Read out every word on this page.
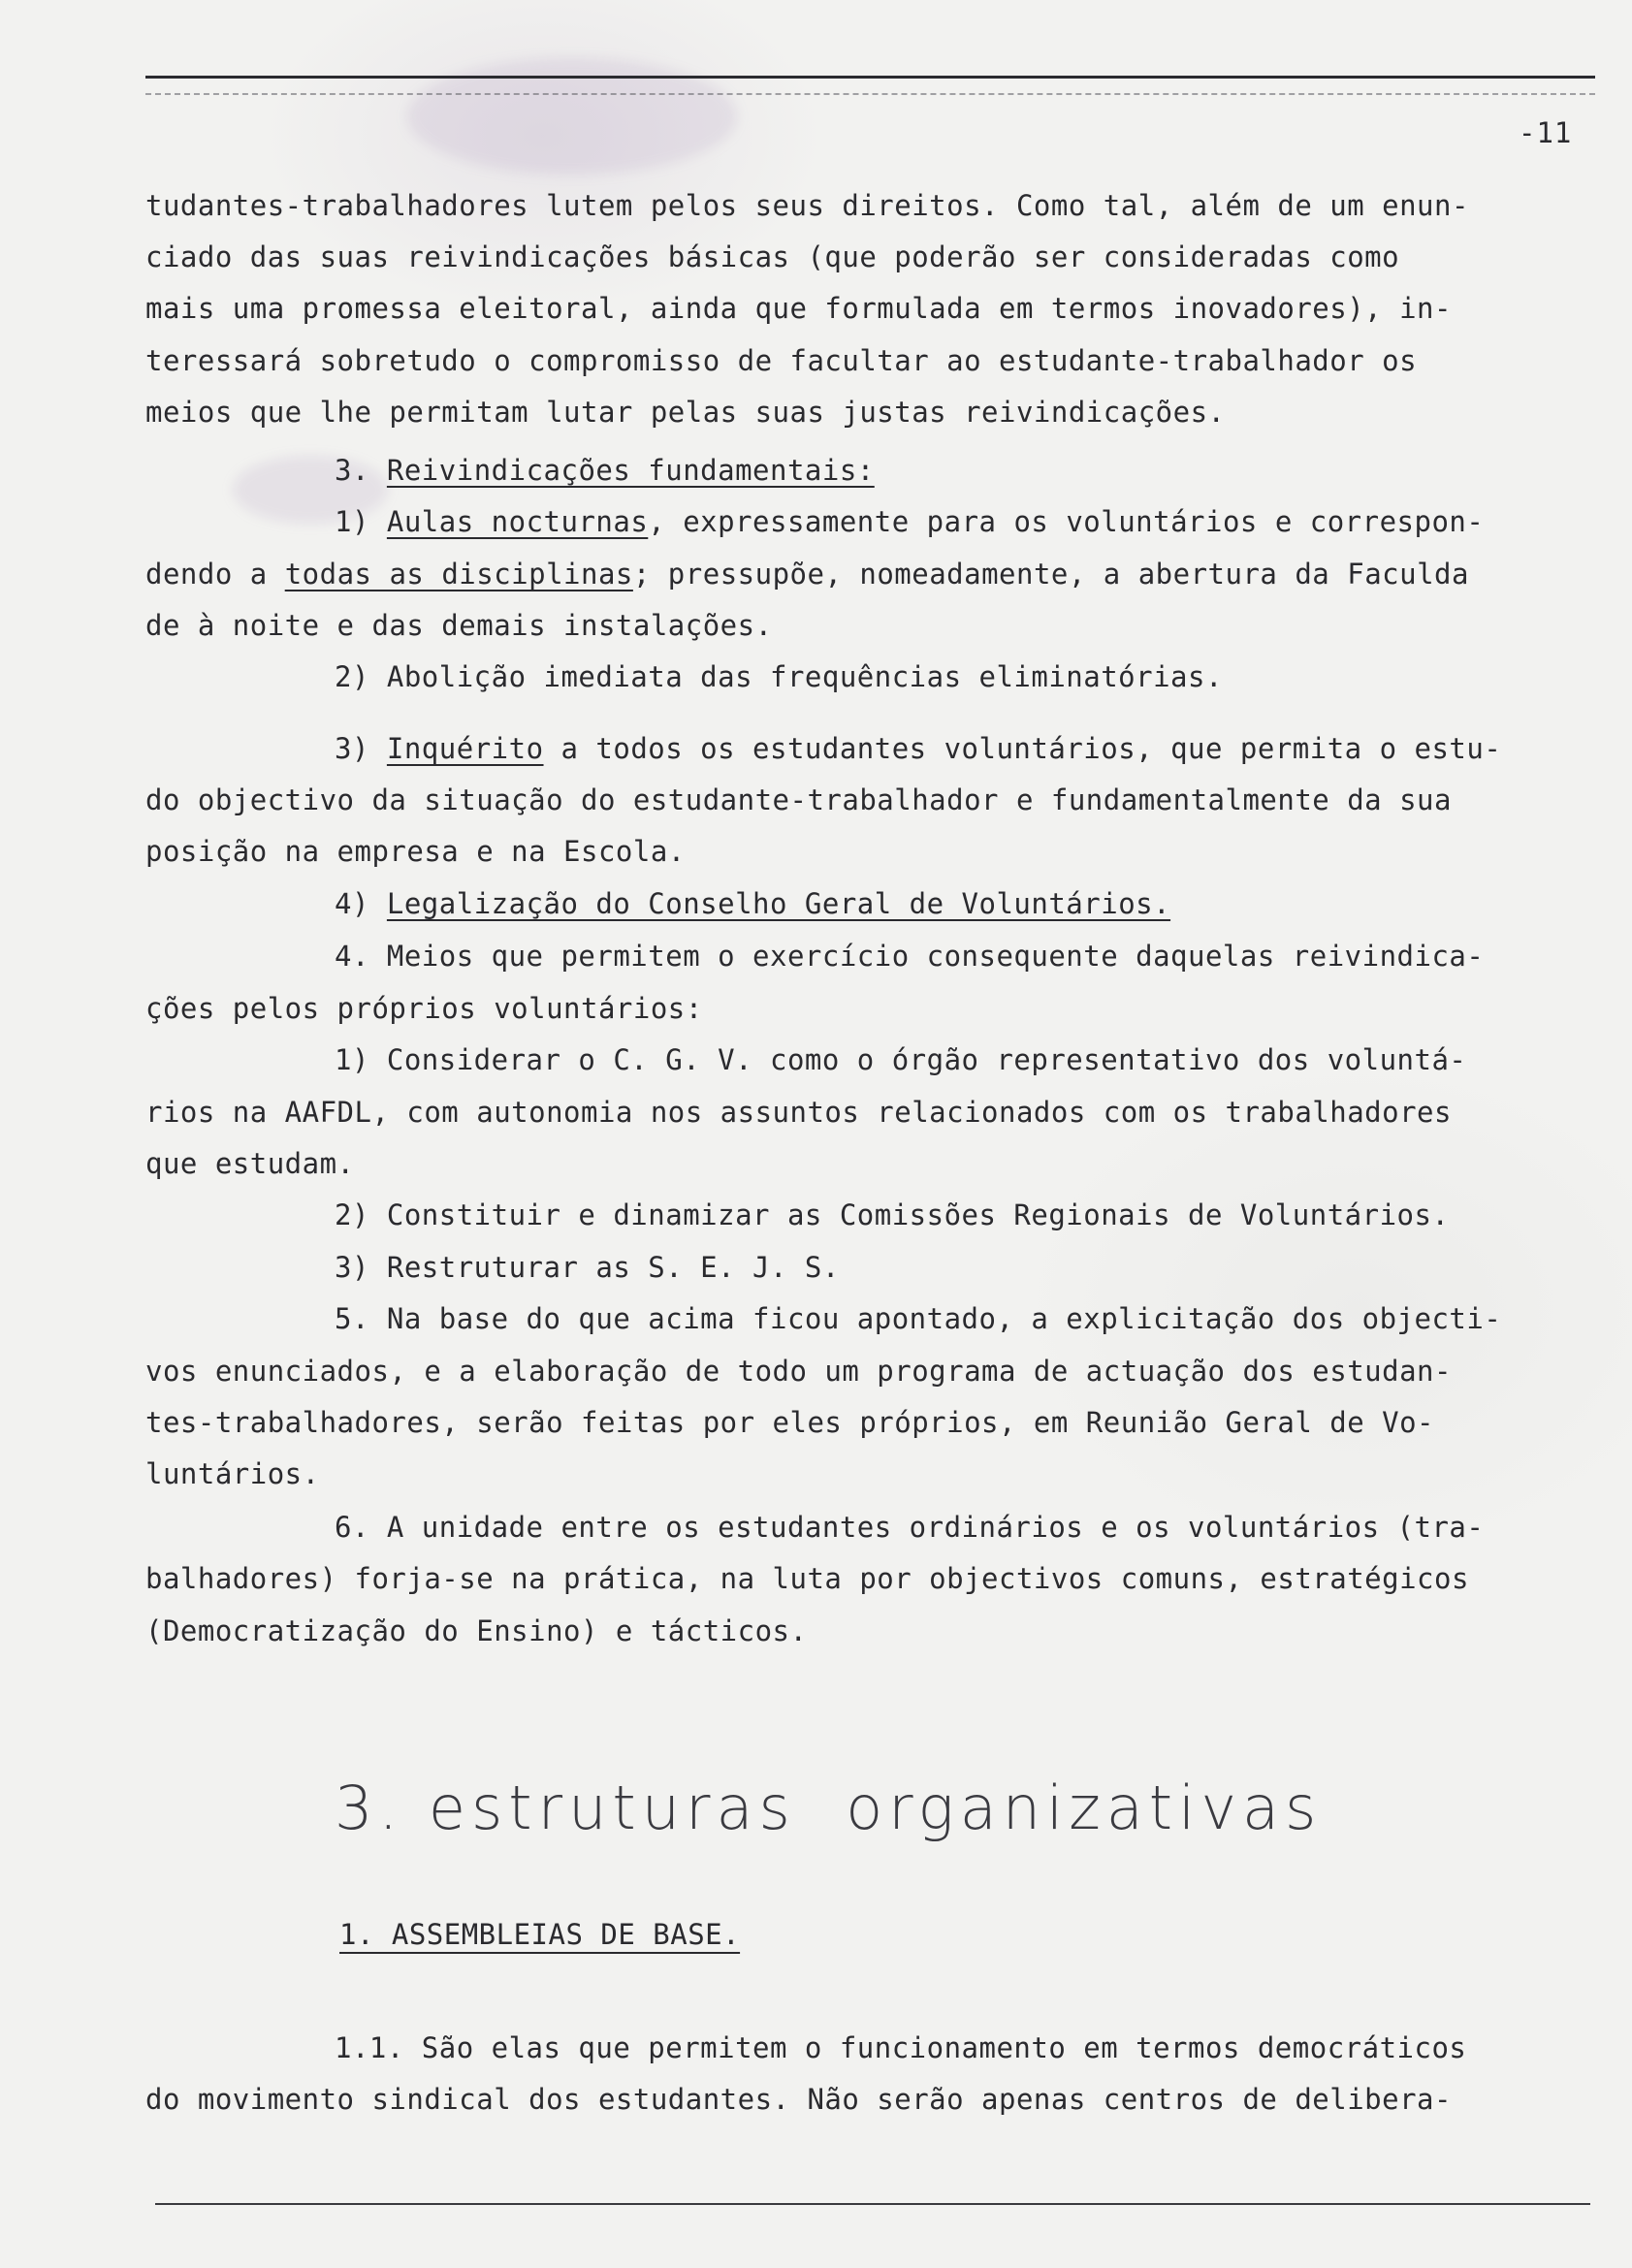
-11
tudantes-trabalhadores lutem pelos seus direitos. Como tal, além de um enun-
ciado das suas reivindicações básicas (que poderão ser consideradas como
mais uma promessa eleitoral, ainda que formulada em termos inovadores), in-
teressará sobretudo o compromisso de facultar ao estudante-trabalhador os
meios que lhe permitam lutar pelas suas justas reivindicações.
3. Reivindicações fundamentais:
1) Aulas nocturnas, expressamente para os voluntários e correspon-
dendo a todas as disciplinas; pressupõe, nomeadamente, a abertura da Faculda
de à noite e das demais instalações.
2) Abolição imediata das frequências eliminatórias.
3) Inquérito a todos os estudantes voluntários, que permita o estu-
do objectivo da situação do estudante-trabalhador e fundamentalmente da sua
posição na empresa e na Escola.
4) Legalização do Conselho Geral de Voluntários.
4. Meios que permitem o exercício consequente daquelas reivindica-
ções pelos próprios voluntários:
1) Considerar o C. G. V. como o órgão representativo dos voluntá-
rios na AAFDL, com autonomia nos assuntos relacionados com os trabalhadores
que estudam.
2) Constituir e dinamizar as Comissões Regionais de Voluntários.
3) Restruturar as S. E. J. S.
5. Na base do que acima ficou apontado, a explicitação dos objecti-
vos enunciados, e a elaboração de todo um programa de actuação dos estudan-
tes-trabalhadores, serão feitas por eles próprios, em Reunião Geral de Vo-
luntários.
6. A unidade entre os estudantes ordinários e os voluntários (tra-
balhadores) forja-se na prática, na luta por objectivos comuns, estratégicos
(Democratização do Ensino) e tácticos.
3. estruturas  organizativas
1. ASSEMBLEIAS DE BASE.
1.1. São elas que permitem o funcionamento em termos democráticos
do movimento sindical dos estudantes. Não serão apenas centros de delibera-
